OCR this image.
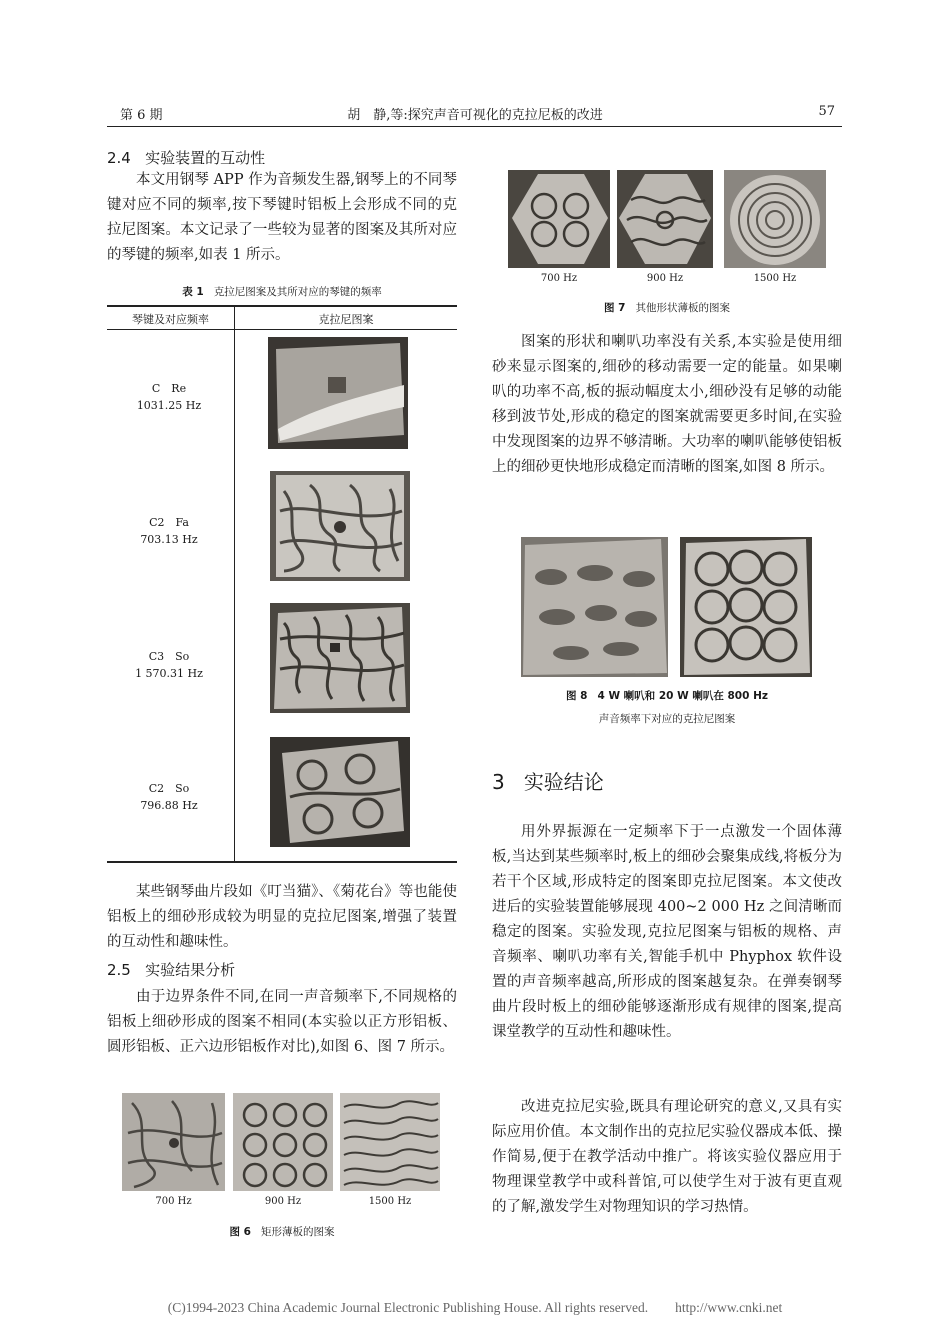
第 6 期	胡　静,等:探究声音可视化的克拉尼板的改进	57
2.4 实验装置的互动性

本文用钢琴 APP 作为音频发生器,钢琴上的不同琴键对应不同的频率,按下琴键时铝板上会形成不同的克拉尼图案。本文记录了一些较为显著的图案及其所对应的琴键的频率,如表 1 所示。

表 1 克拉尼图案及其所对应的琴键的频率
琴键及对应频率	克拉尼图案
C　Re
1031.25 Hz
C2　Fa
703.13 Hz
C3　So
1 570.31 Hz
C2　So
796.88 Hz

某些钢琴曲片段如《叮当猫》、《菊花台》等也能使铝板上的细砂形成较为明显的克拉尼图案,增强了装置的互动性和趣味性。

2.5 实验结果分析

由于边界条件不同,在同一声音频率下,不同规格的铝板上细砂形成的图案不相同(本实验以正方形铝板、圆形铝板、正六边形铝板作对比),如图 6、图 7 所示。

700 Hz	900 Hz	1500 Hz
图 6 矩形薄板的图案
700 Hz	900 Hz	1500 Hz
图 7 其他形状薄板的图案

图案的形状和喇叭功率没有关系,本实验是使用细砂来显示图案的,细砂的移动需要一定的能量。如果喇叭的功率不高,板的振动幅度太小,细砂没有足够的动能移到波节处,形成的稳定的图案就需要更多时间,在实验中发现图案的边界不够清晰。大功率的喇叭能够使铝板上的细砂更快地形成稳定而清晰的图案,如图 8 所示。

图 8 4 W 喇叭和 20 W 喇叭在 800 Hz
声音频率下对应的克拉尼图案
3 实验结论

用外界振源在一定频率下于一点激发一个固体薄板,当达到某些频率时,板上的细砂会聚集成线,将板分为若干个区域,形成特定的图案即克拉尼图案。本文使改进后的实验装置能够展现 400~2 000 Hz 之间清晰而稳定的图案。实验发现,克拉尼图案与铝板的规格、声音频率、喇叭功率有关,智能手机中 Phyphox 软件设置的声音频率越高,所形成的图案越复杂。在弹奏钢琴曲片段时板上的细砂能够逐渐形成有规律的图案,提高课堂教学的互动性和趣味性。

改进克拉尼实验,既具有理论研究的意义,又具有实际应用价值。本文制作出的克拉尼实验仪器成本低、操作简易,便于在教学活动中推广。将该实验仪器应用于物理课堂教学中或科普馆,可以使学生对于波有更直观的了解,激发学生对物理知识的学习热情。

(C)1994-2023 China Academic Journal Electronic Publishing House. All rights reserved.　　http://www.cnki.net
